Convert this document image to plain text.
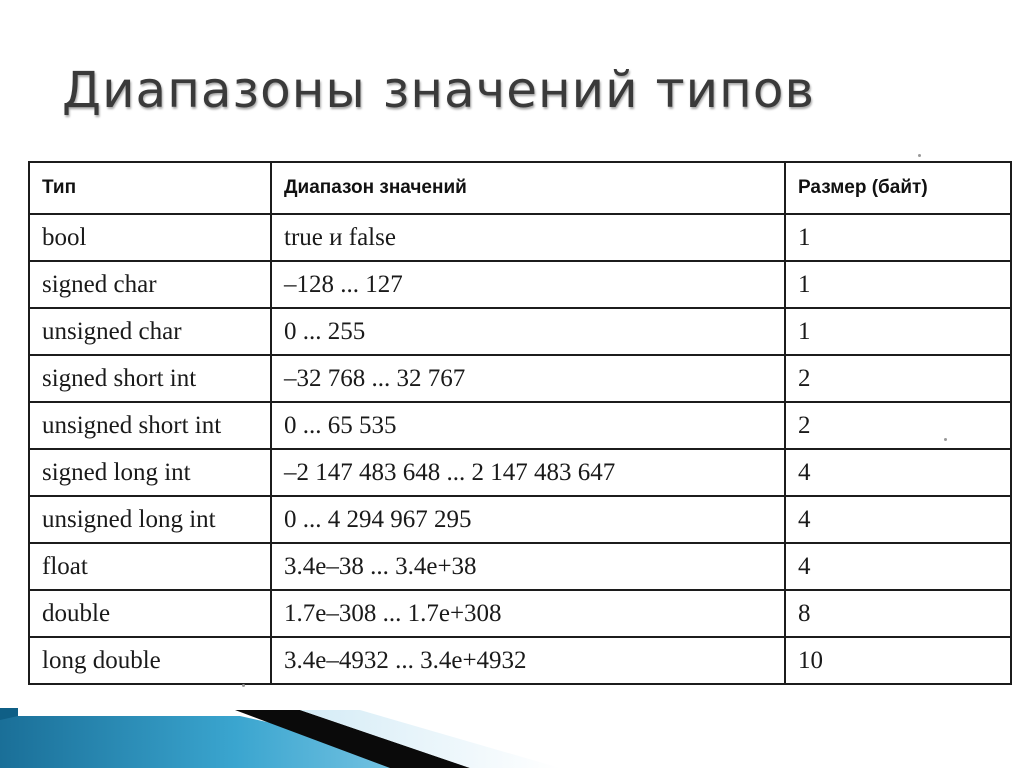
Диапазоны значений типов
Тип	Диапазон значений	Размер (байт)
bool	true и false	1
signed char	–128 ... 127	1
unsigned char	0 ... 255	1
signed short int	–32 768 ... 32 767	2
unsigned short int	0 ... 65 535	2
signed long int	–2 147 483 648 ... 2 147 483 647	4
unsigned long int	0 ... 4 294 967 295	4
float	3.4e–38 ... 3.4e+38	4
double	1.7e–308 ... 1.7e+308	8
long double	3.4e–4932 ... 3.4e+4932	10
